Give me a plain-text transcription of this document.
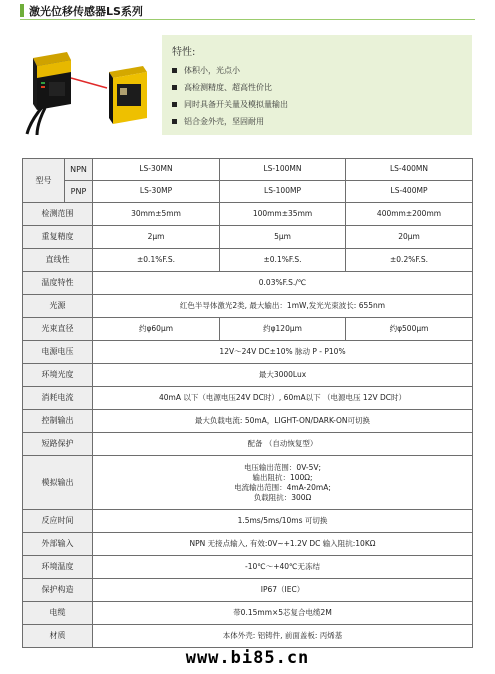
激光位移传感器LS系列
特性:
体积小，光点小
高检测精度、超高性价比
同时具备开关量及模拟量输出
铝合金外壳，坚固耐用
型号	NPN	LS-30MN	LS-100MN	LS-400MN
	PNP	LS-30MP	LS-100MP	LS-400MP
检测范围		30mm±5mm	100mm±35mm	400mm±200mm
重复精度		2μm	5μm	20μm
直线性		±0.1%F.S.	±0.1%F.S.	±0.2%F.S.
温度特性		0.03%F.S./℃		
光源		红色半导体激光2类, 最大输出：1mW,发光光束波长: 655nm		
光束直径		约φ60μm	约φ120μm	约φ500μm
电源电压		12V～24V DC±10% 脉动 P - P10%		
环境光度		最大3000Lux		
消耗电流		40mA 以下（电源电压24V DC时）, 60mA以下 （电源电压 12V DC时）		
控制输出		最大负载电流: 50mA，LIGHT-ON/DARK-ON可切换		
短路保护		配备 （自动恢复型）		
模拟输出		电压输出范围：0V-5V;
输出阻抗：100Ω;
电流输出范围：4mA-20mA;
负载阻抗：300Ω		

反应时间		1.5ms/5ms/10ms 可切换		
外部输入		NPN 无接点输入, 有效:0V~+1.2V DC 输入阻抗:10KΩ		
环境温度		-10℃～+40℃无冻结		
保护构造		IP67（IEC）		
电缆		带0.15mm×5芯复合电缆2M		
材质		本体外壳: 铝铸件, 前面盖板: 丙烯基		
www.bi85.cn
